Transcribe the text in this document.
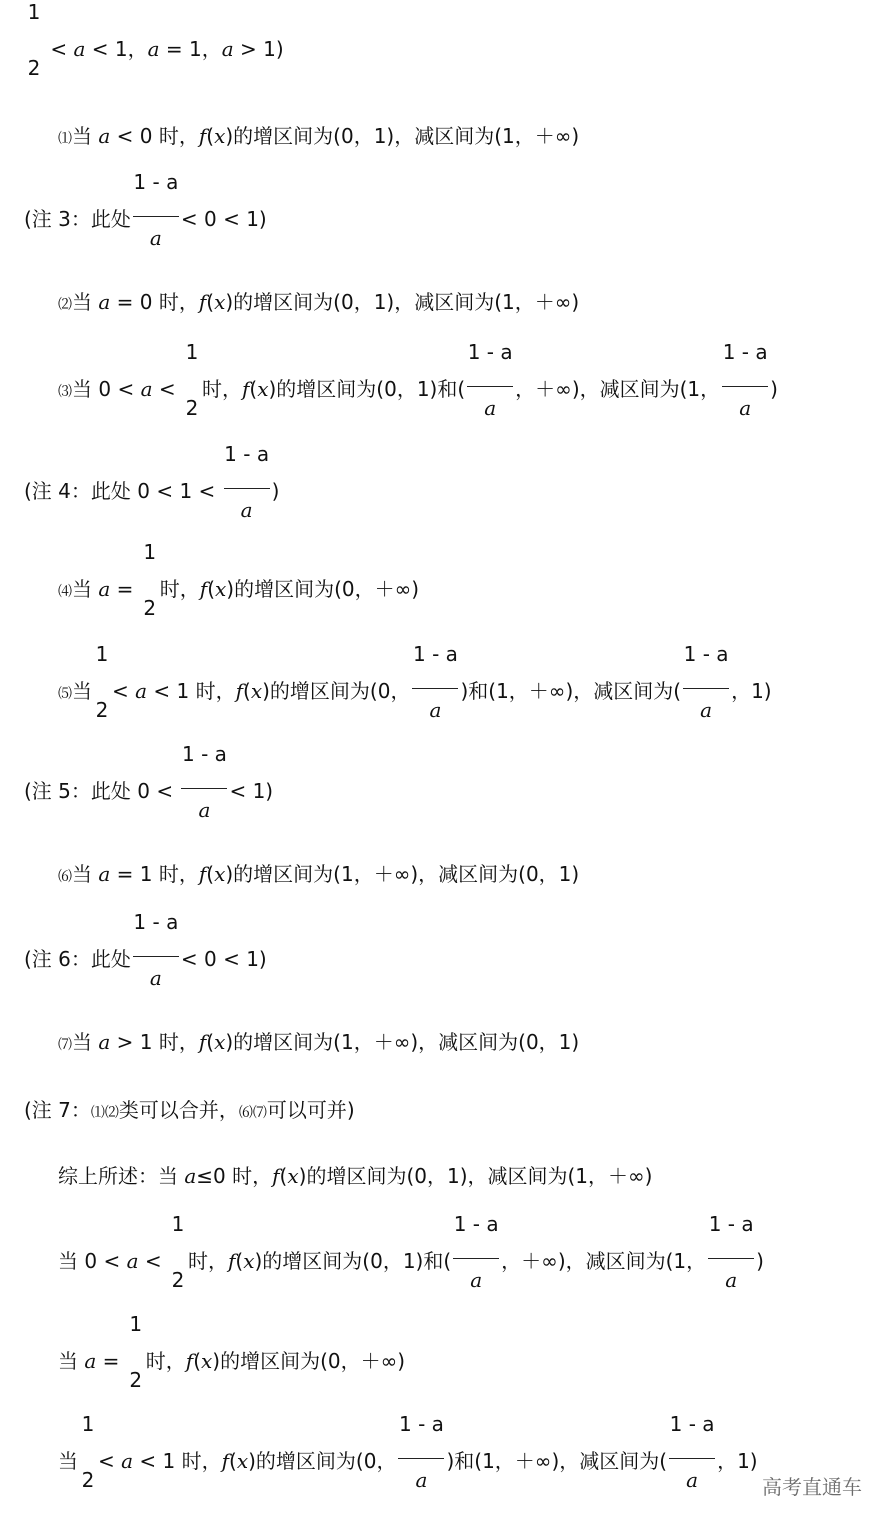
1
2
< a < 1，a = 1，a > 1)
⑴当 a < 0 时，f(x)的增区间为(0，1)，减区间为(1，＋∞)
(注 3：此处 $\frac{1 - a}{a} < 0 < 1$)
⑵当 a = 0 时，f(x)的增区间为(0，1)，减区间为(1，＋∞)
⑶当 0 < a <
1
2
时，f(x)的增区间为(0，1)和( $\frac{1 - a}{a}$ ，＋∞)，减区间为(1， $\frac{1 - a}{a}$ )
(注 4：此处 $0 < 1 < \frac{1 - a}{a}$ )
⑷当 a =
1
2
时，f(x)的增区间为(0，＋∞)
⑸当
1
2
< a < 1 时，f(x)的增区间为(0， $\frac{1 - a}{a}$ )和(1，＋∞)，减区间为( $\frac{1 - a}{a}$ ，1)
(注 5：此处 $0 < \frac{1 - a}{a} < 1$)
⑹当 a = 1 时，f(x)的增区间为(1，＋∞)，减区间为(0，1)
(注 6：此处 $\frac{1 - a}{a} < 0 < 1$)
⑺当 a > 1 时，f(x)的增区间为(1，＋∞)，减区间为(0，1)
(注 7：⑴⑵类可以合并，⑹⑺可以可并)
综上所述：当 a≤0 时，f(x)的增区间为(0，1)，减区间为(1，＋∞)
当 0 < a <
1
2
时，f(x)的增区间为(0，1)和( $\frac{1 - a}{a}$ ，＋∞)，减区间为(1， $\frac{1 - a}{a}$ )
当 a =
1
2
时，f(x)的增区间为(0，＋∞)
当
1
2
< a < 1 时，f(x)的增区间为(0， $\frac{1 - a}{a}$ )和(1，＋∞)，减区间为( $\frac{1 - a}{a}$ ，1)
高考直通车
